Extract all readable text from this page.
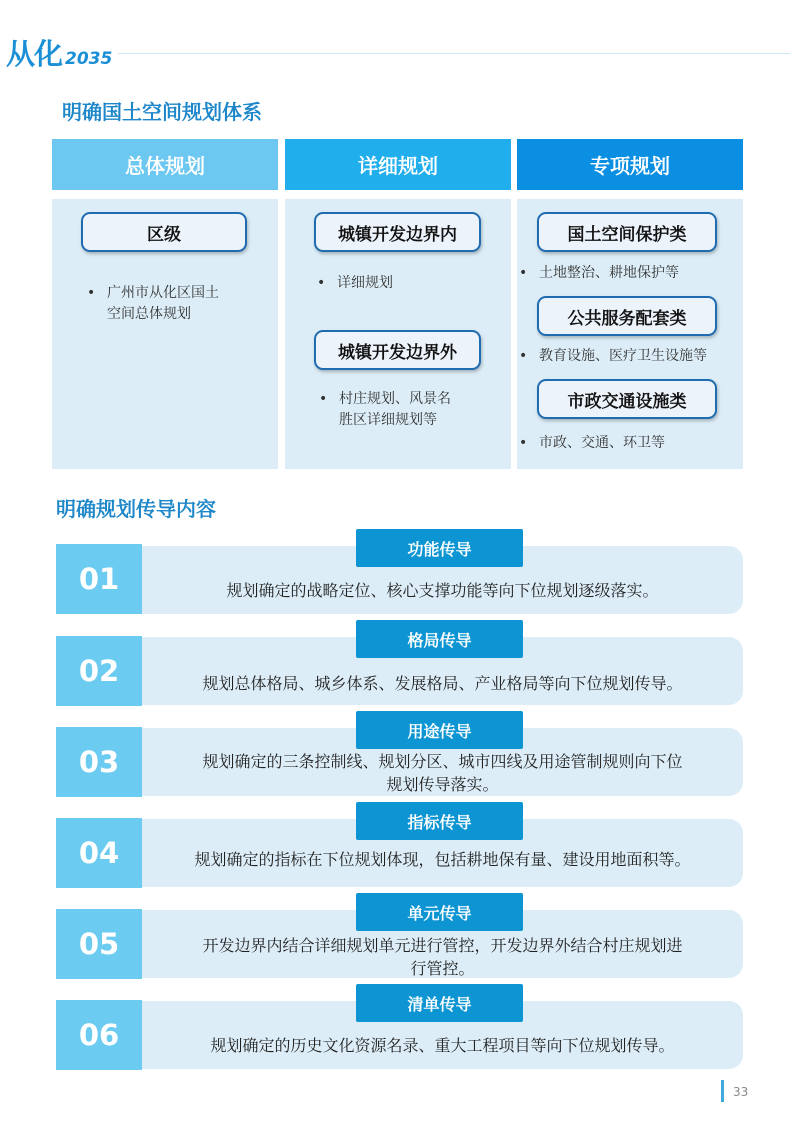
从化 2035
明确国土空间规划体系
总体规划	详细规划	专项规划
区级
• 广州市从化区国土
空间总体规划
城镇开发边界内
• 详细规划
城镇开发边界外
• 村庄规划、风景名
胜区详细规划等
国土空间保护类
• 土地整治、耕地保护等
公共服务配套类
• 教育设施、医疗卫生设施等
市政交通设施类
• 市政、交通、环卫等
明确规划传导内容
01	规划确定的战略定位、核心支撑功能等向下位规划逐级落实。
功能传导
02	规划总体格局、城乡体系、发展格局、产业格局等向下位规划传导。
格局传导
03	规划确定的三条控制线、规划分区、城市四线及用途管制规则向下位
规划传导落实。
用途传导
04	规划确定的指标在下位规划体现，包括耕地保有量、建设用地面积等。
指标传导
05	开发边界内结合详细规划单元进行管控，开发边界外结合村庄规划进
行管控。
单元传导
06	规划确定的历史文化资源名录、重大工程项目等向下位规划传导。
清单传导
33
